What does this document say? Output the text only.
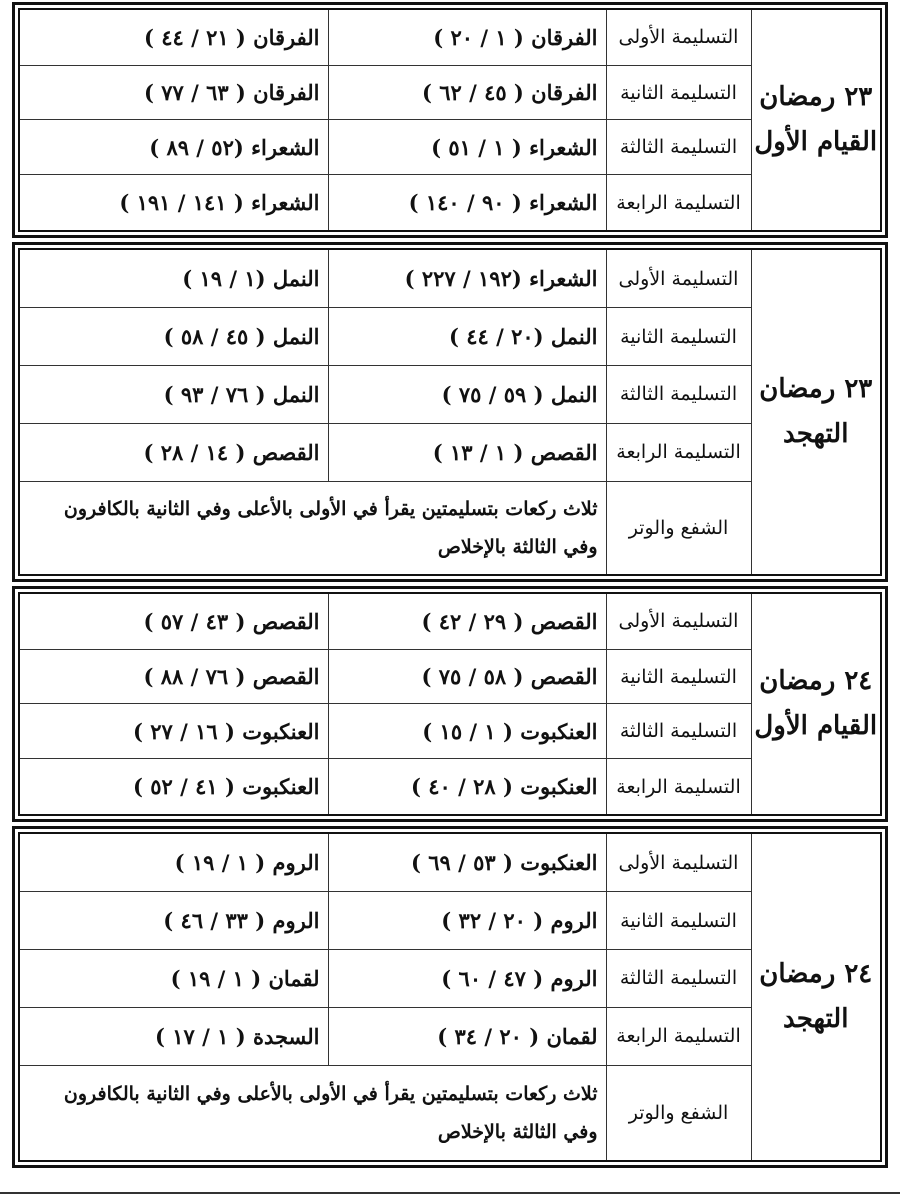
٢٣ رمضان
القيام الأول	التسليمة الأولى	الفرقان ( ١ / ٢٠ )	الفرقان ( ٢١ / ٤٤ )
	التسليمة الثانية	الفرقان ( ٤٥ / ٦٢ )	الفرقان ( ٦٣ / ٧٧ )
	التسليمة الثالثة	الشعراء ( ١ / ٥١ )	الشعراء (٥٢ / ٨٩ )
	التسليمة الرابعة	الشعراء ( ٩٠ / ١٤٠ )	الشعراء ( ١٤١ / ١٩١ )
٢٣ رمضان
التهجد	التسليمة الأولى	الشعراء (١٩٢ / ٢٢٧ )	النمل (١ / ١٩ )
	التسليمة الثانية	النمل (٢٠ / ٤٤ )	النمل ( ٤٥ / ٥٨ )
	التسليمة الثالثة	النمل ( ٥٩ / ٧٥ )	النمل ( ٧٦ / ٩٣ )
	التسليمة الرابعة	القصص ( ١ / ١٣ )	القصص ( ١٤ / ٢٨ )
	الشفع والوتر	ثلاث ركعات بتسليمتين يقرأ في الأولى بالأعلى وفي الثانية بالكافرون وفي الثالثة بالإخلاص	
٢٤ رمضان
القيام الأول	التسليمة الأولى	القصص ( ٢٩ / ٤٢ )	القصص ( ٤٣ / ٥٧ )
	التسليمة الثانية	القصص ( ٥٨ / ٧٥ )	القصص ( ٧٦ / ٨٨ )
	التسليمة الثالثة	العنكبوت ( ١ / ١٥ )	العنكبوت ( ١٦ / ٢٧ )
	التسليمة الرابعة	العنكبوت ( ٢٨ / ٤٠ )	العنكبوت ( ٤١ / ٥٢ )
٢٤ رمضان
التهجد	التسليمة الأولى	العنكبوت ( ٥٣ / ٦٩ )	الروم ( ١ / ١٩ )
	التسليمة الثانية	الروم ( ٢٠ / ٣٢ )	الروم ( ٣٣ / ٤٦ )
	التسليمة الثالثة	الروم ( ٤٧ / ٦٠ )	لقمان ( ١ / ١٩ )
	التسليمة الرابعة	لقمان ( ٢٠ / ٣٤ )	السجدة ( ١ / ١٧ )
	الشفع والوتر	ثلاث ركعات بتسليمتين يقرأ في الأولى بالأعلى وفي الثانية بالكافرون وفي الثالثة بالإخلاص	
